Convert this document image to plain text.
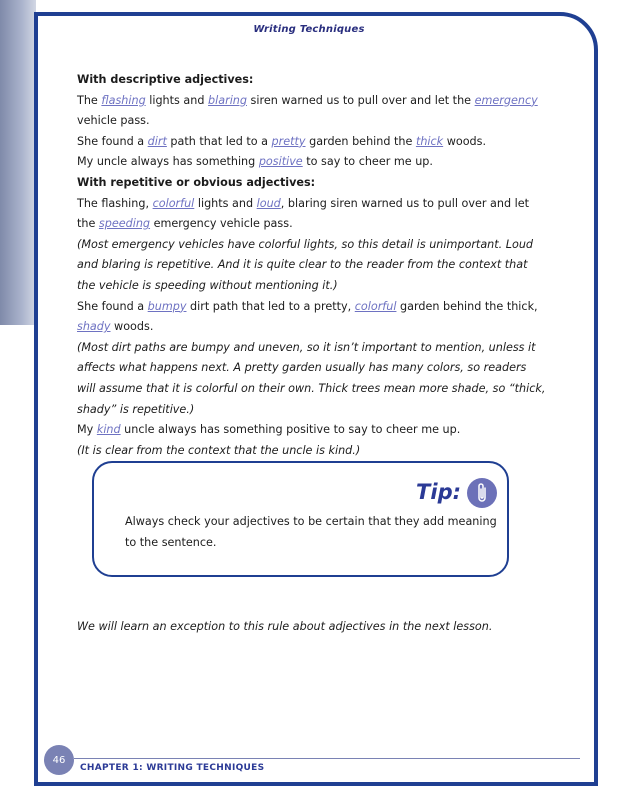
Writing Techniques

With descriptive adjectives:

The flashing lights and blaring siren warned us to pull over and let the emergency vehicle pass.

She found a dirt path that led to a pretty garden behind the thick woods.

My uncle always has something positive to say to cheer me up.

With repetitive or obvious adjectives:

The flashing, colorful lights and loud, blaring siren warned us to pull over and let the speeding emergency vehicle pass.

(Most emergency vehicles have colorful lights, so this detail is unimportant. Loud and blaring is repetitive. And it is quite clear to the reader from the context that the vehicle is speeding without mentioning it.)

She found a bumpy dirt path that led to a pretty, colorful garden behind the thick, shady woods.

(Most dirt paths are bumpy and uneven, so it isn’t important to mention, unless it affects what happens next. A pretty garden usually has many colors, so readers will assume that it is colorful on their own. Thick trees mean more shade, so “thick, shady” is repetitive.)

My kind uncle always has something positive to say to cheer me up.

(It is clear from the context that the uncle is kind.)

Tip:
Always check your adjectives to be certain that they add meaning to the sentence.
We will learn an exception to this rule about adjectives in the next lesson.
46
CHAPTER 1: WRITING TECHNIQUES
